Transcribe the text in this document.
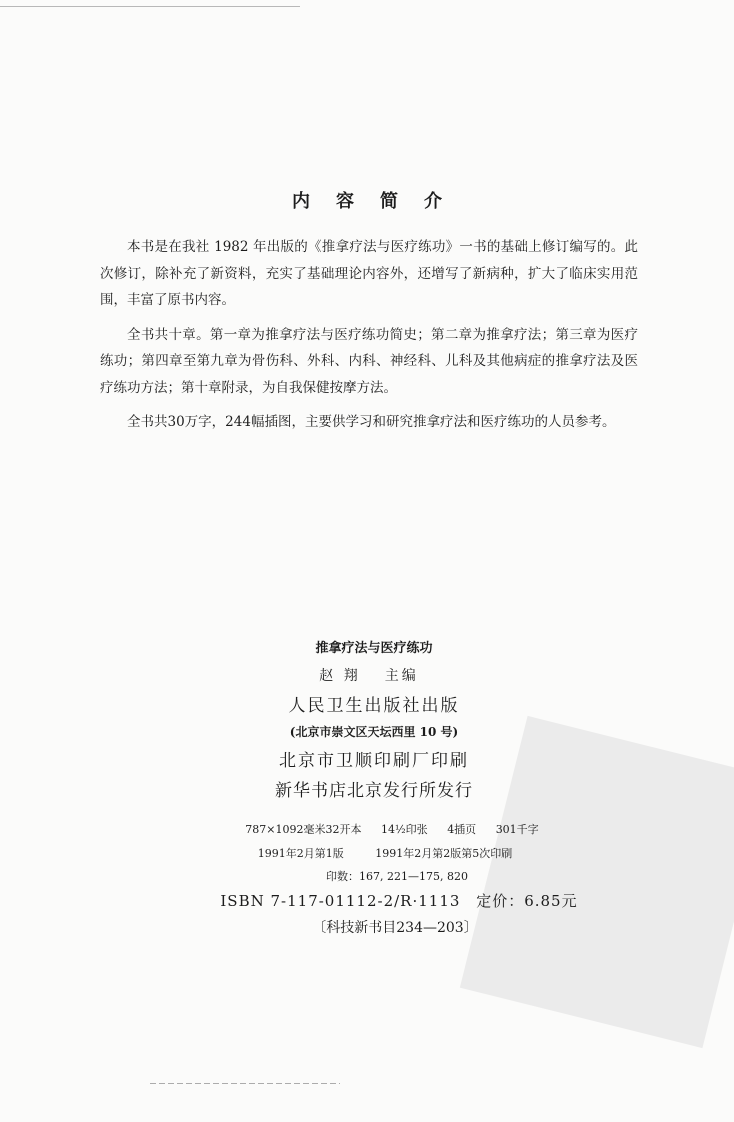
内容简介

本书是在我社 1982 年出版的《推拿疗法与医疗练功》一书的基础上修订编写的。此次修订，除补充了新资料，充实了基础理论内容外，还增写了新病种，扩大了临床实用范围，丰富了原书内容。

全书共十章。第一章为推拿疗法与医疗练功简史；第二章为推拿疗法；第三章为医疗练功；第四章至第九章为骨伤科、外科、内科、神经科、儿科及其他病症的推拿疗法及医疗练功方法；第十章附录，为自我保健按摩方法。

全书共30万字，244幅插图，主要供学习和研究推拿疗法和医疗练功的人员参考。

推拿疗法与医疗练功
赵 翔 主编
人民卫生出版社出版
(北京市崇文区天坛西里 10 号)
北京市卫顺印刷厂印刷
新华书店北京发行所发行
787×1092毫米32开本 14½印张 4插页 301千字
1991年2月第1版	1991年2月第2版第5次印刷
印数：167, 221—175, 820
ISBN 7-117-01112-2/R·1113 定价：6.85元
〔科技新书目234—203〕
